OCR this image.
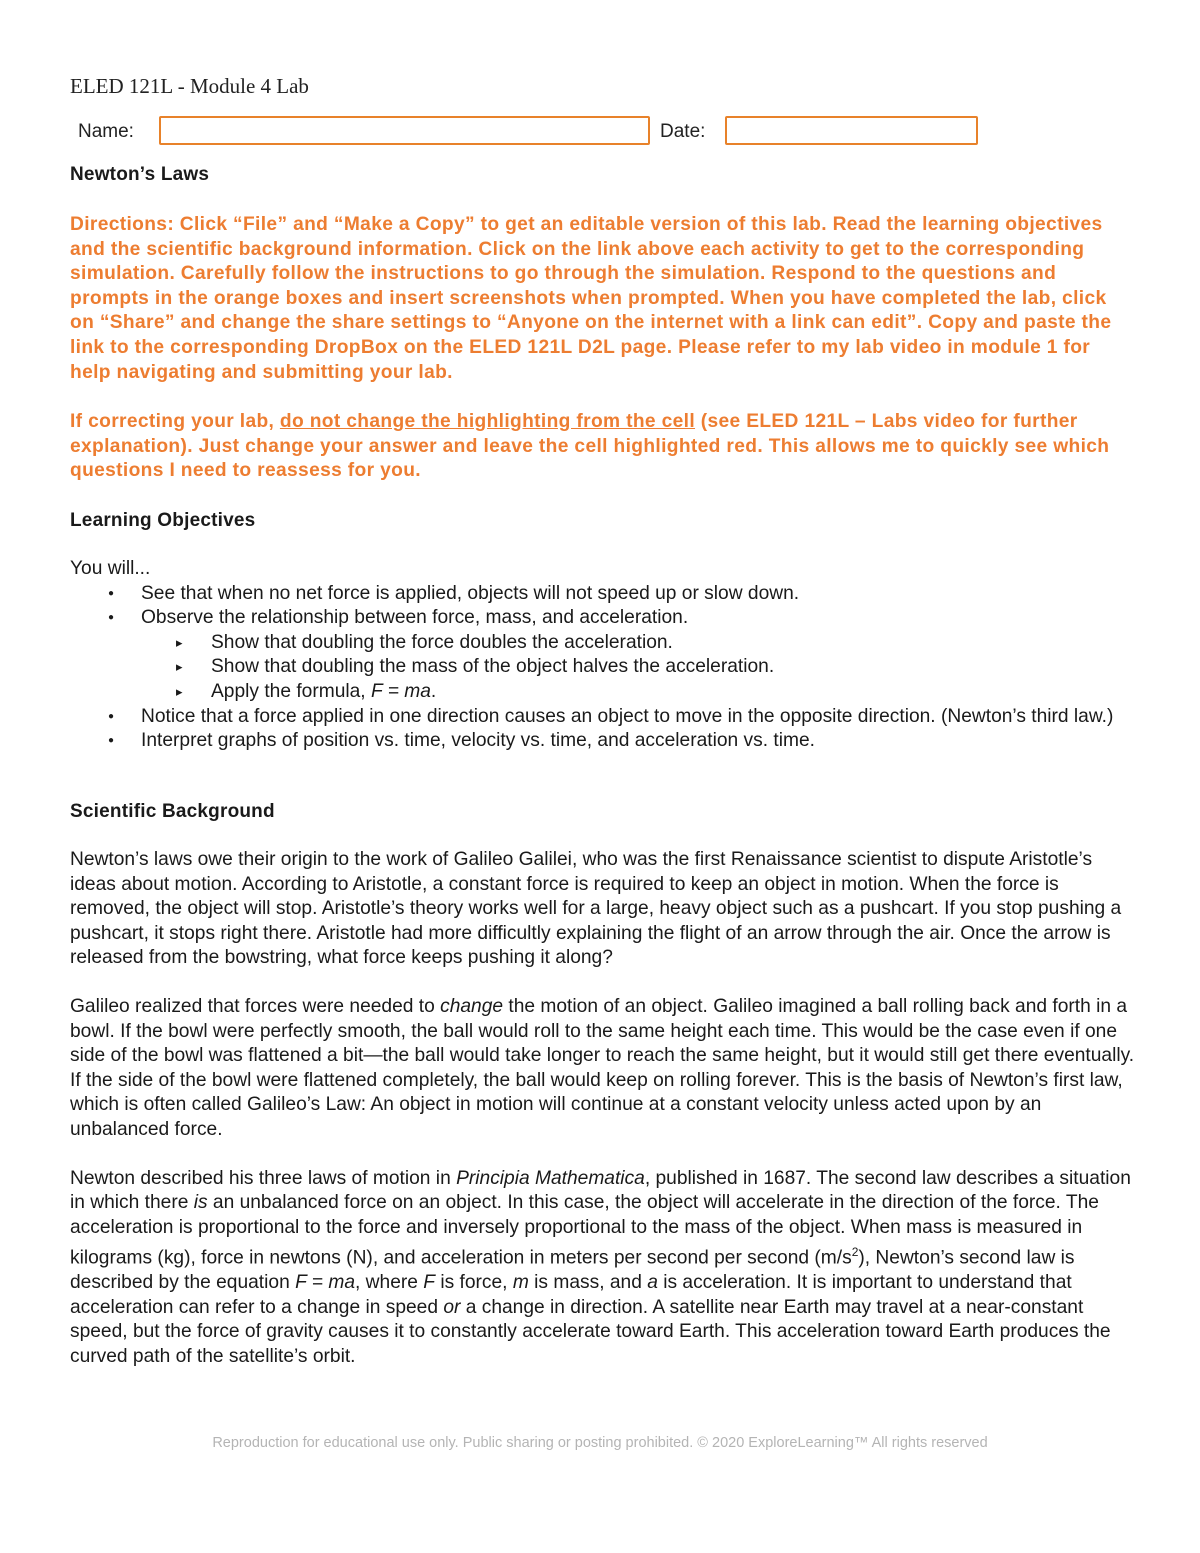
ELED 121L - Module 4 Lab
Name:	Date:
Newton’s Laws
Directions: Click “File” and “Make a Copy” to get an editable version of this lab. Read the learning objectives and the scientific background information. Click on the link above each activity to get to the corresponding simulation. Carefully follow the instructions to go through the simulation. Respond to the questions and prompts in the orange boxes and insert screenshots when prompted. When you have completed the lab, click on “Share” and change the share settings to “Anyone on the internet with a link can edit”. Copy and paste the link to the corresponding DropBox on the ELED 121L D2L page. Please refer to my lab video in module 1 for help navigating and submitting your lab.
If correcting your lab, do not change the highlighting from the cell (see ELED 121L – Labs video for further explanation). Just change your answer and leave the cell highlighted red. This allows me to quickly see which questions I need to reassess for you.
Learning Objectives

You will...

● See that when no net force is applied, objects will not speed up or slow down.
● Observe the relationship between force, mass, and acceleration.
▸ Show that doubling the force doubles the acceleration.
▸ Show that doubling the mass of the object halves the acceleration.
▸ Apply the formula, F = ma.
● Notice that a force applied in one direction causes an object to move in the opposite direction. (Newton’s third law.)
● Interpret graphs of position vs. time, velocity vs. time, and acceleration vs. time.
Scientific Background

Newton’s laws owe their origin to the work of Galileo Galilei, who was the first Renaissance scientist to dispute Aristotle’s ideas about motion. According to Aristotle, a constant force is required to keep an object in motion. When the force is removed, the object will stop. Aristotle’s theory works well for a large, heavy object such as a pushcart. If you stop pushing a pushcart, it stops right there. Aristotle had more difficultly explaining the flight of an arrow through the air. Once the arrow is released from the bowstring, what force keeps pushing it along?

Galileo realized that forces were needed to change the motion of an object. Galileo imagined a ball rolling back and forth in a bowl. If the bowl were perfectly smooth, the ball would roll to the same height each time. This would be the case even if one side of the bowl was flattened a bit—the ball would take longer to reach the same height, but it would still get there eventually. If the side of the bowl were flattened completely, the ball would keep on rolling forever. This is the basis of Newton’s first law, which is often called Galileo’s Law: An object in motion will continue at a constant velocity unless acted upon by an unbalanced force.

Newton described his three laws of motion in Principia Mathematica, published in 1687. The second law describes a situation in which there is an unbalanced force on an object. In this case, the object will accelerate in the direction of the force. The acceleration is proportional to the force and inversely proportional to the mass of the object. When mass is measured in kilograms (kg), force in newtons (N), and acceleration in meters per second per second $(m/s^2)$, Newton’s second law is described by the equation F = ma, where F is force, m is mass, and a is acceleration. It is important to understand that acceleration can refer to a change in speed or a change in direction. A satellite near Earth may travel at a near-constant speed, but the force of gravity causes it to constantly accelerate toward Earth. This acceleration toward Earth produces the curved path of the satellite’s orbit.

Reproduction for educational use only. Public sharing or posting prohibited. © 2020 ExploreLearning™ All rights reserved
